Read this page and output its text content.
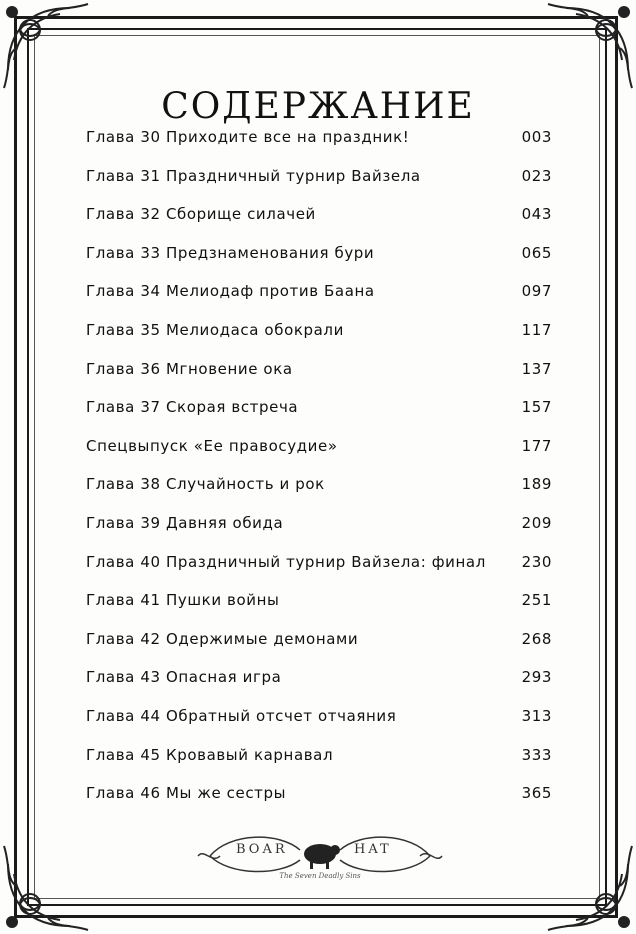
СОДЕРЖАНИЕ
Глава 30 Приходите все на праздник!	003
Глава 31 Праздничный турнир Вайзела	023
Глава 32 Сборище силачей	043
Глава 33 Предзнаменования бури	065
Глава 34 Мелиодаф против Баана	097
Глава 35 Мелиодаса обокрали	117
Глава 36 Мгновение ока	137
Глава 37 Скорая встреча	157
Спецвыпуск «Ее правосудие»	177
Глава 38 Случайность и рок	189
Глава 39 Давняя обида	209
Глава 40 Праздничный турнир Вайзела: финал	230
Глава 41 Пушки войны	251
Глава 42 Одержимые демонами	268
Глава 43 Опасная игра	293
Глава 44 Обратный отсчет отчаяния	313
Глава 45 Кровавый карнавал	333
Глава 46 Мы же сестры	365
BOAR	HAT
The Seven Deadly Sins
